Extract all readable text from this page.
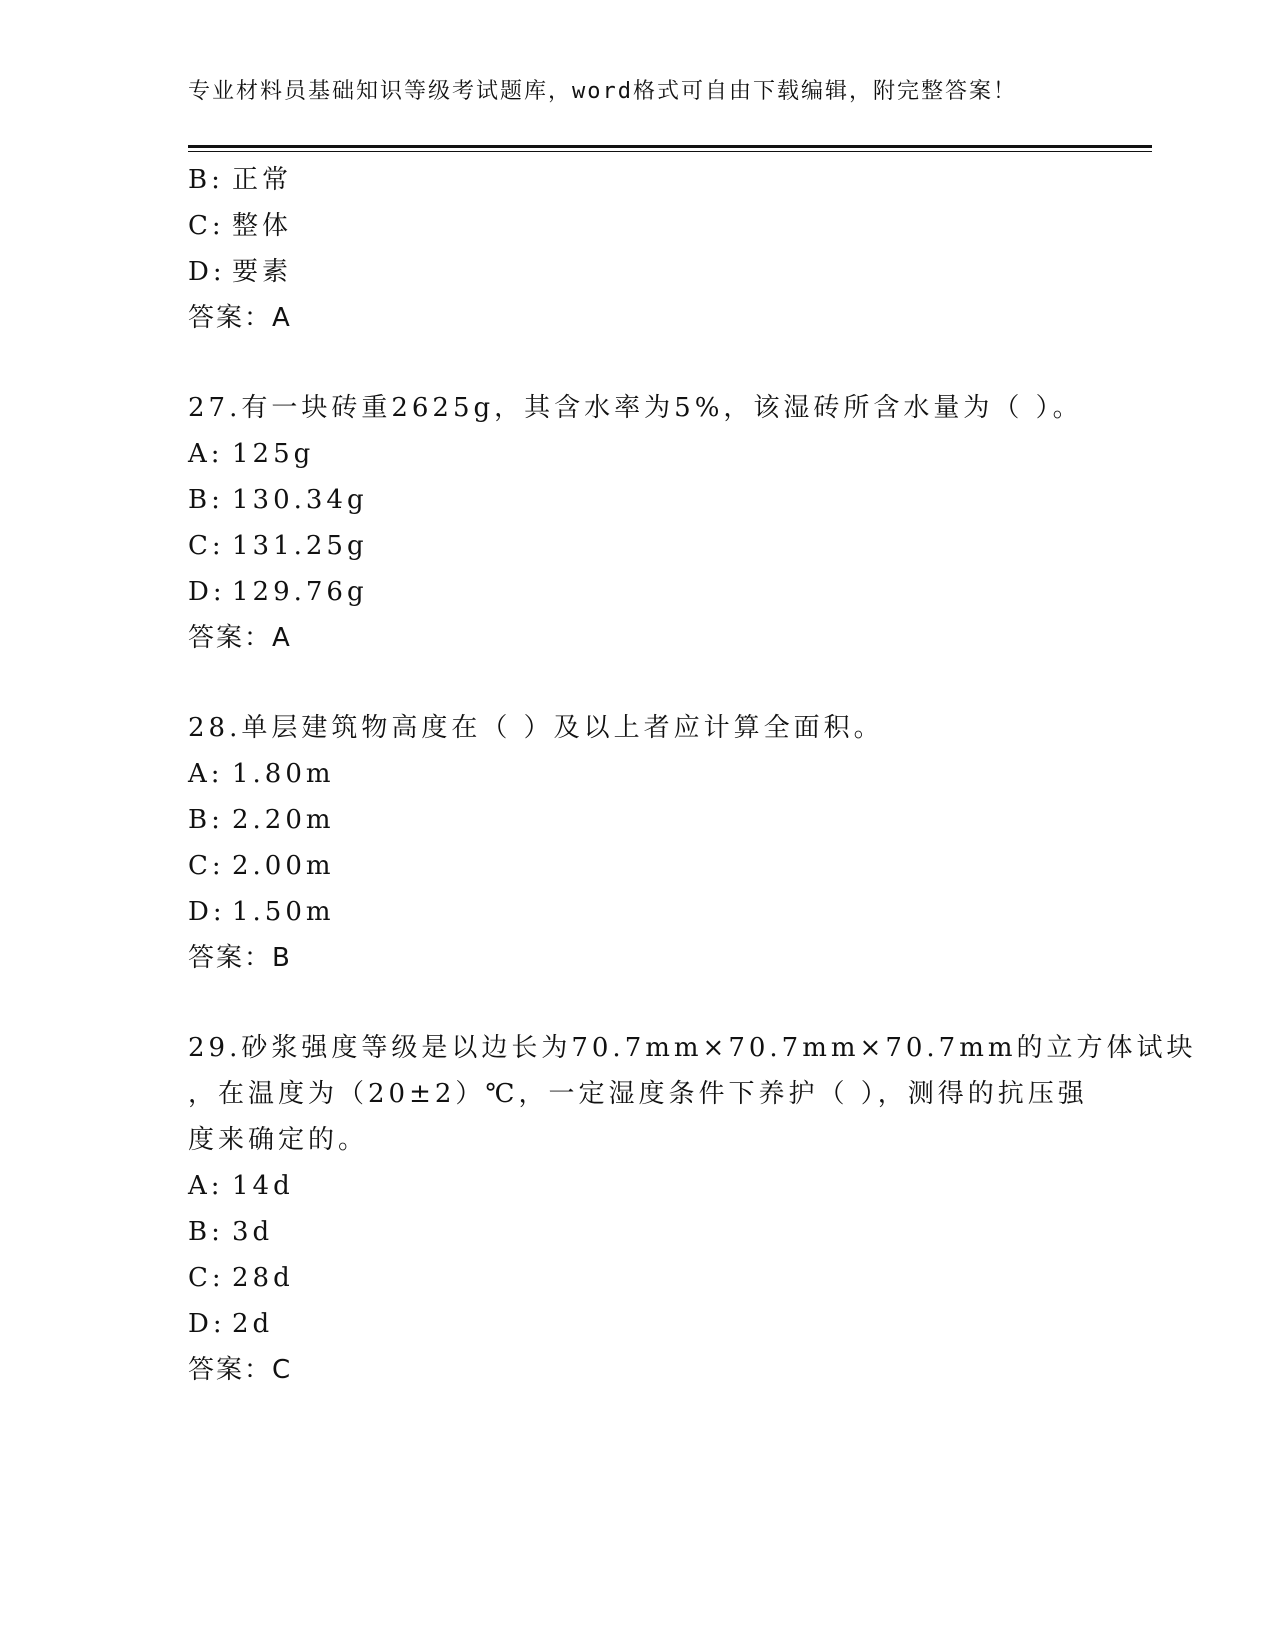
专业材料员基础知识等级考试题库，word格式可自由下载编辑，附完整答案！
B: 正常
C: 整体
D: 要素
答案：A
27.有一块砖重2625g，其含水率为5%，该湿砖所含水量为（ ）。
A: 125g
B: 130.34g
C: 131.25g
D: 129.76g
答案：A
28.单层建筑物高度在（ ）及以上者应计算全面积。
A: 1.80m
B: 2.20m
C: 2.00m
D: 1.50m
答案：B
29.砂浆强度等级是以边长为70.7mm×70.7mm×70.7mm的立方体试块
，在温度为（20±2）℃，一定湿度条件下养护（ ），测得的抗压强
度来确定的。
A: 14d
B: 3d
C: 28d
D: 2d
答案：C
